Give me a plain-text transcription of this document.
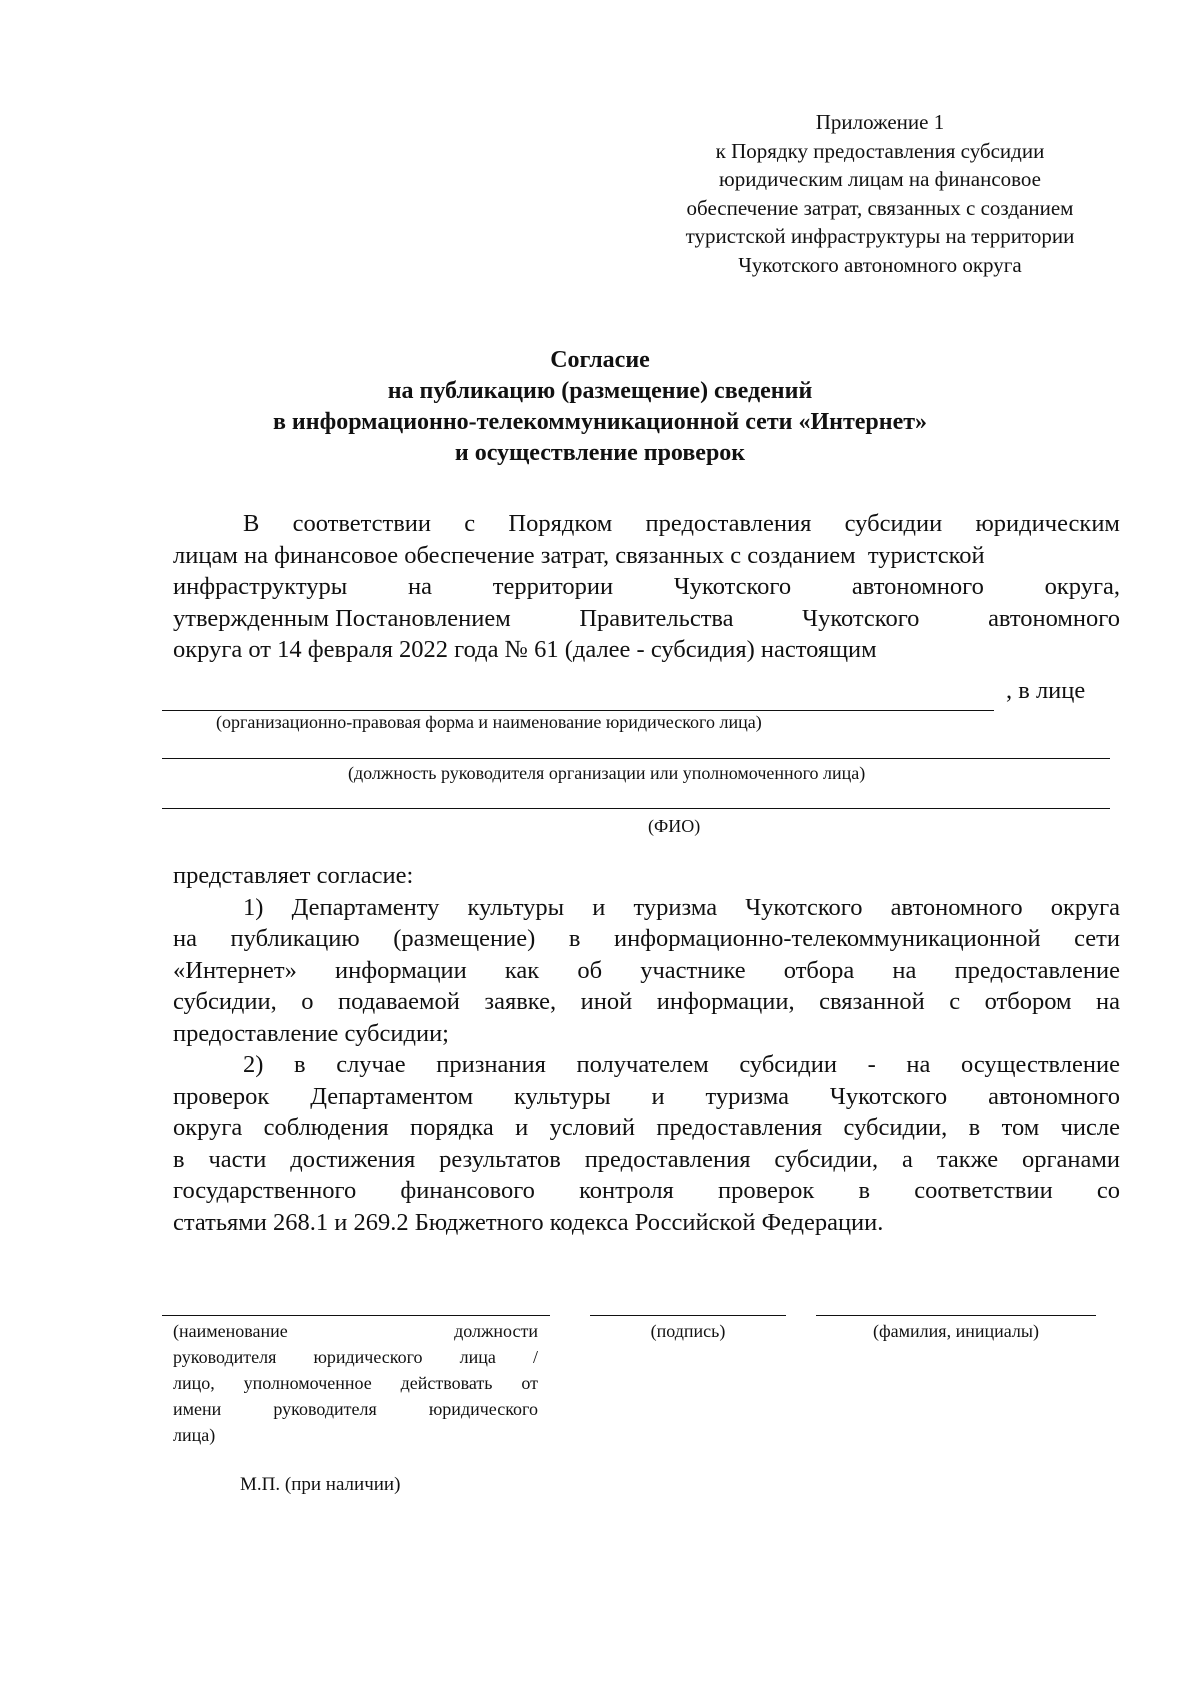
Приложение 1
к Порядку предоставления субсидии
юридическим лицам на финансовое
обеспечение затрат, связанных с созданием
туристской инфраструктуры на территории
Чукотского автономного округа
Согласие
на публикацию (размещение) сведений
в информационно-телекоммуникационной сети «Интернет»
и осуществление проверок
В соответствии с Порядком предоставления субсидии юридическим
лицам на финансовое обеспечение затрат, связанных с созданием  туристской
инфраструктуры на территории Чукотского автономного округа,
утвержденным Постановлением	Правительства	Чукотского	автономного
округа от 14 февраля 2022 года № 61 (далее - субсидия) настоящим
, в лице
(организационно-правовая форма и наименование юридического лица)
(должность руководителя организации или уполномоченного лица)
(ФИО)
представляет согласие:
1) Департаменту культуры и туризма Чукотского автономного округа
на публикацию (размещение) в информационно-телекоммуникационной сети
«Интернет» информации как об участнике отбора на предоставление
субсидии, о подаваемой заявке, иной информации, связанной с отбором на
предоставление субсидии;
2) в случае признания получателем субсидии - на осуществление
проверок Департаментом культуры и туризма Чукотского автономного
округа соблюдения порядка и условий предоставления субсидии, в том числе
в части достижения результатов предоставления субсидии, а также органами
государственного финансового контроля проверок в соответствии со
статьями 268.1 и 269.2 Бюджетного кодекса Российской Федерации.
(наименование	должности
руководителя юридического лица /
лицо, уполномоченное действовать от
имени	руководителя	юридического
лица)
(подпись)	(фамилия, инициалы)
М.П. (при наличии)
